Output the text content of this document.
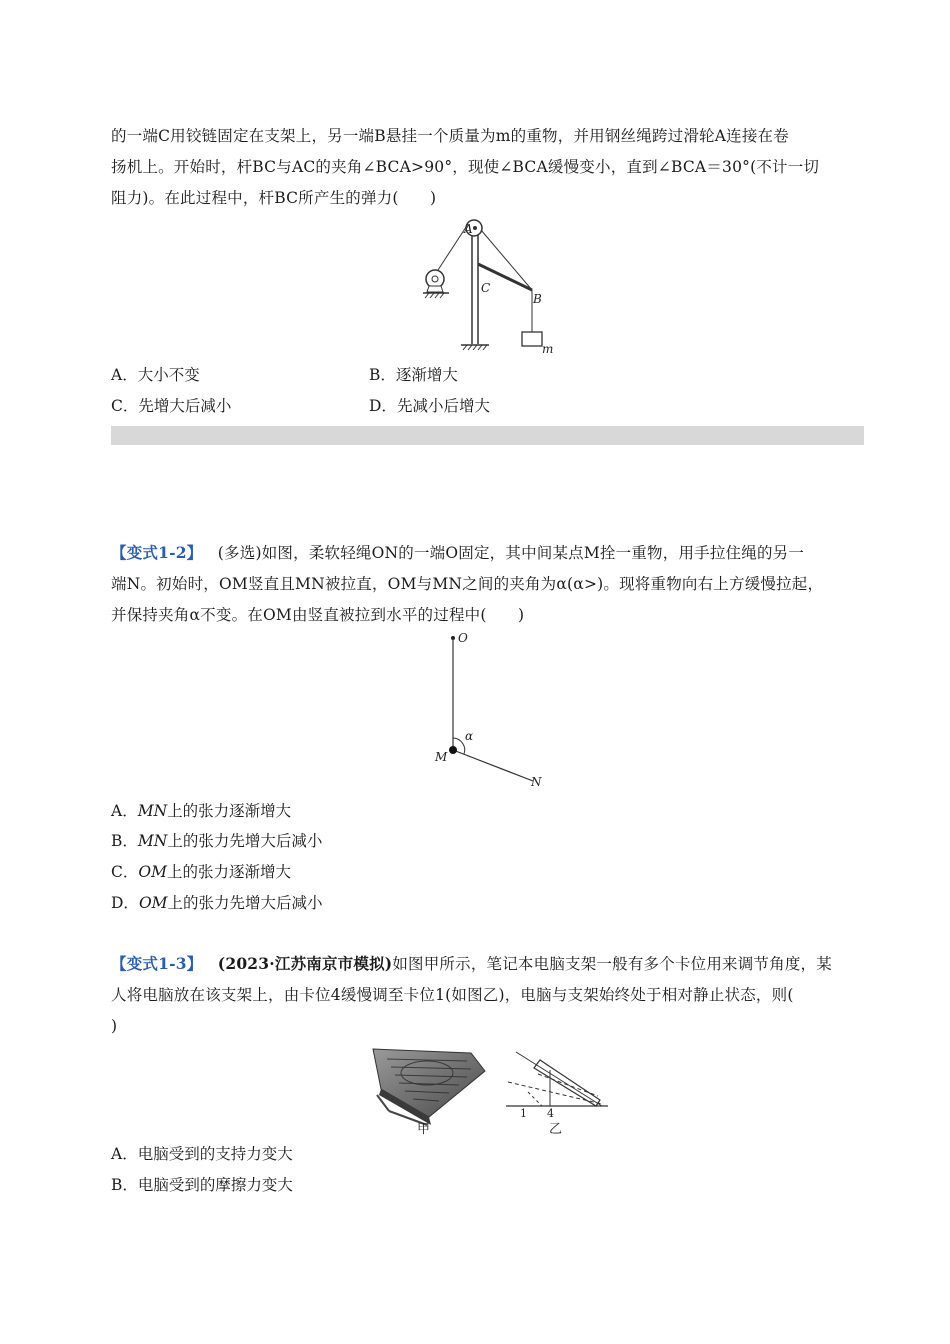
的一端C用铰链固定在支架上，另一端B悬挂一个质量为m的重物，并用钢丝绳跨过滑轮A连接在卷
扬机上。开始时，杆BC与AC的夹角∠BCA>90°，现使∠BCA缓慢变小，直到∠BCA＝30°(不计一切
阻力)。在此过程中，杆BC所产生的弹力(　　)
A
C
B
m
A．大小不变	B．逐渐增大
C．先增大后减小	D．先减小后增大
【变式1-2】 (多选)如图，柔软轻绳ON的一端O固定，其中间某点M拴一重物，用手拉住绳的另一
端N。初始时，OM竖直且MN被拉直，OM与MN之间的夹角为α(α>)。现将重物向右上方缓慢拉起，
并保持夹角α不变。在OM由竖直被拉到水平的过程中(　　)
O
α
M
N
A．MN上的张力逐渐增大
B．MN上的张力先增大后减小
C．OM上的张力逐渐增大
D．OM上的张力先增大后减小
【变式1-3】 (2023·江苏南京市模拟)如图甲所示，笔记本电脑支架一般有多个卡位用来调节角度，某
人将电脑放在该支架上，由卡位4缓慢调至卡位1(如图乙)，电脑与支架始终处于相对静止状态，则(
)
甲
1 4
乙
A．电脑受到的支持力变大
B．电脑受到的摩擦力变大
